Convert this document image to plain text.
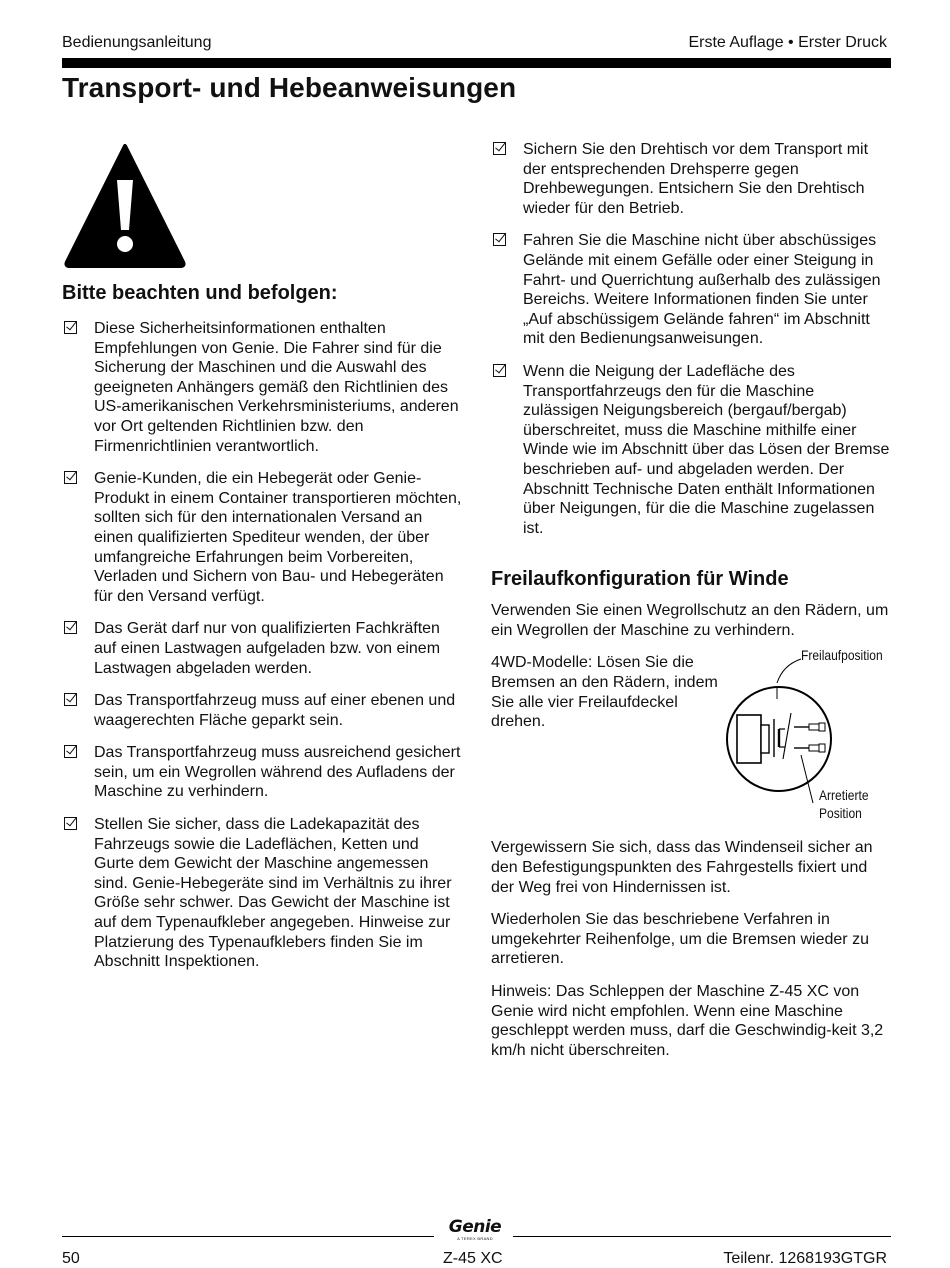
Bedienungsanleitung	Erste Auflage • Erster Druck
Transport- und Hebeanweisungen
Bitte beachten und befolgen:
Diese Sicherheitsinformationen enthalten Empfehlungen von Genie. Die Fahrer sind für die Sicherung der Maschinen und die Auswahl des geeigneten Anhängers gemäß den Richtlinien des US-amerikanischen Verkehrsministeriums, anderen vor Ort geltenden Richtlinien bzw. den Firmenrichtlinien verantwortlich.
Genie-Kunden, die ein Hebegerät oder Genie-Produkt in einem Container transportieren möchten, sollten sich für den internationalen Versand an einen qualifizierten Spediteur wenden, der über umfangreiche Erfahrungen beim Vorbereiten, Verladen und Sichern von Bau- und Hebegeräten für den Versand verfügt.
Das Gerät darf nur von qualifizierten Fachkräften auf einen Lastwagen aufgeladen bzw. von einem Lastwagen abgeladen werden.
Das Transportfahrzeug muss auf einer ebenen und waagerechten Fläche geparkt sein.
Das Transportfahrzeug muss ausreichend gesichert sein, um ein Wegrollen während des Aufladens der Maschine zu verhindern.
Stellen Sie sicher, dass die Ladekapazität des Fahrzeugs sowie die Ladeflächen, Ketten und Gurte dem Gewicht der Maschine angemessen sind. Genie-Hebegeräte sind im Verhältnis zu ihrer Größe sehr schwer. Das Gewicht der Maschine ist auf dem Typenaufkleber angegeben. Hinweise zur Platzierung des Typenaufklebers finden Sie im Abschnitt Inspektionen.
Sichern Sie den Drehtisch vor dem Transport mit der entsprechenden Drehsperre gegen Drehbewegungen. Entsichern Sie den Drehtisch wieder für den Betrieb.
Fahren Sie die Maschine nicht über abschüssiges Gelände mit einem Gefälle oder einer Steigung in Fahrt- und Querrichtung außerhalb des zulässigen Bereichs. Weitere Informationen finden Sie unter „Auf abschüssigem Gelände fahren“ im Abschnitt mit den Bedienungsanweisungen.
Wenn die Neigung der Ladefläche des Transportfahrzeugs den für die Maschine zulässigen Neigungsbereich (bergauf/bergab) überschreitet, muss die Maschine mithilfe einer Winde wie im Abschnitt über das Lösen der Bremse beschrieben auf- und abgeladen werden. Der Abschnitt Technische Daten enthält Informationen über Neigungen, für die die Maschine zugelassen ist.
Freilaufkonfiguration für Winde

Verwenden Sie einen Wegrollschutz an den Rädern, um ein Wegrollen der Maschine zu verhindern.

4WD-Modelle: Lösen Sie die Bremsen an den Rädern, indem Sie alle vier Freilaufdeckel drehen.

Freilaufposition
Arretierte
Position

Vergewissern Sie sich, dass das Windenseil sicher an den Befestigungspunkten des Fahrgestells fixiert und der Weg frei von Hindernissen ist.

Wiederholen Sie das beschriebene Verfahren in umgekehrter Reihenfolge, um die Bremsen wieder zu arretieren.

Hinweis: Das Schleppen der Maschine Z-45 XC von Genie wird nicht empfohlen. Wenn eine Maschine geschleppt werden muss, darf die Geschwindig-keit 3,2 km/h nicht überschreiten.

Genie
A TEREX BRAND
50	Z-45 XC	Teilenr. 1268193GTGR
